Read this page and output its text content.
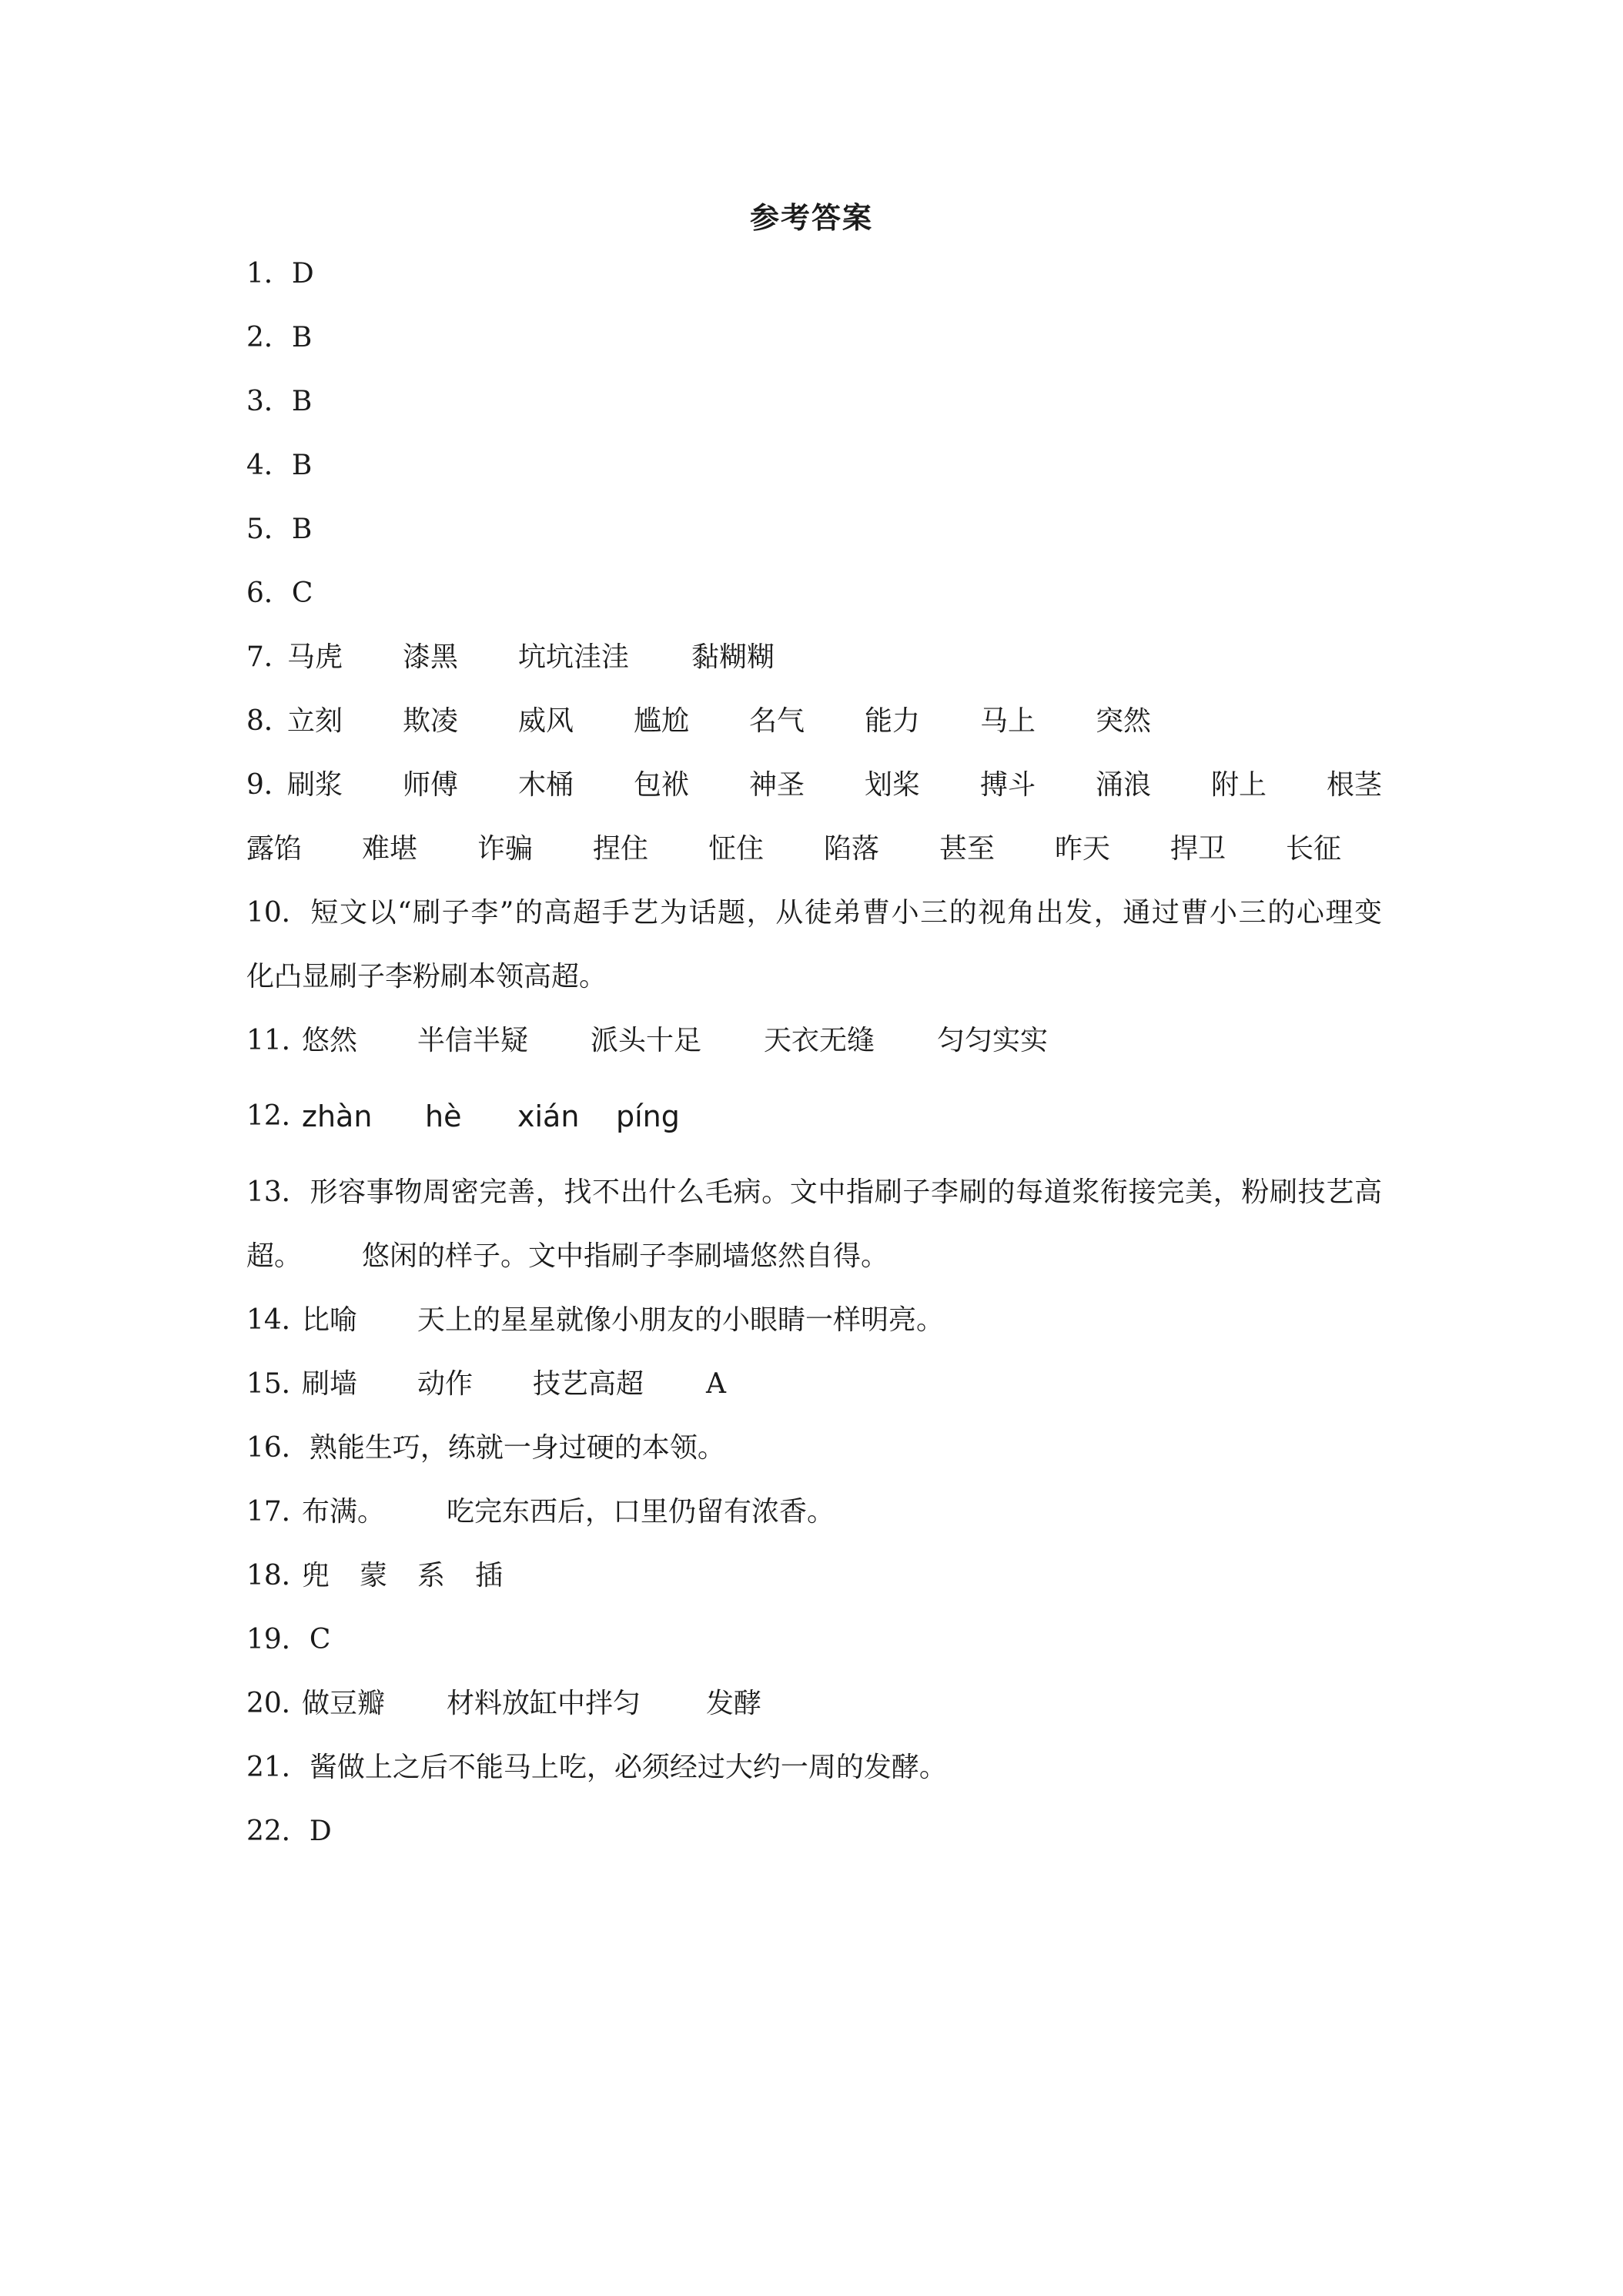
参考答案
1．D
2．B
3．B
4．B
5．B
6．C
7．
马虎 漆黑 坑坑洼洼 黏糊糊
8．
立刻 欺凌 威风 尴尬 名气 能力 马上 突然
9．
刷浆 师傅 木桶 包袱 神圣 划桨 搏斗 涌浪 附上 根茎
露馅 难堪 诈骗 捏住 怔住 陷落 甚至 昨天 捍卫 长征
10．短文以“刷子李”的高超手艺为话题，从徒弟曹小三的视角出发，通过曹小三的心理变
化凸显刷子李粉刷本领高超。
11．
悠然 半信半疑 派头十足 天衣无缝 匀匀实实
12．
zhàn hè xián píng
13．形容事物周密完善，找不出什么毛病。文中指刷子李刷的每道浆衔接完美，粉刷技艺高
超。 悠闲的样子。文中指刷子李刷墙悠然自得。
14．
比喻 天上的星星就像小朋友的小眼睛一样明亮。
15．
刷墙 动作 技艺高超 A
16．熟能生巧，练就一身过硬的本领。
17．
布满。 吃完东西后，口里仍留有浓香。
18．
兜 蒙 系 插
19．C
20．
做豆瓣 材料放缸中拌匀 发酵
21．酱做上之后不能马上吃，必须经过大约一周的发酵。
22．D
